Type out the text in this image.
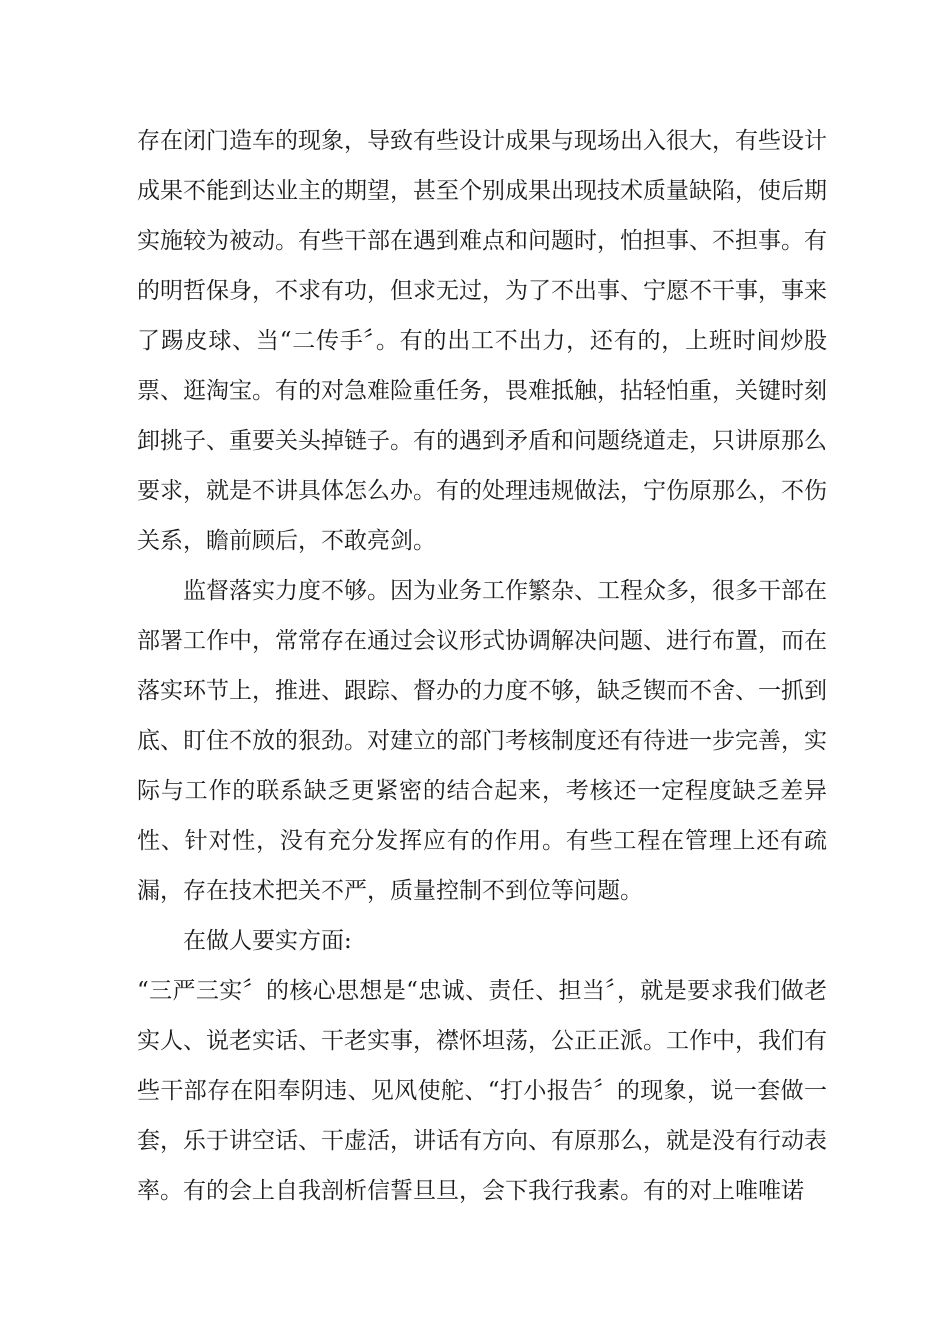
存在闭门造车的现象，导致有些设计成果与现场出入很大，有些设计成果不能到达业主的期望，甚至个别成果出现技术质量缺陷，使后期实施较为被动。有些干部在遇到难点和问题时，怕担事、不担事。有的明哲保身，不求有功，但求无过，为了不出事、宁愿不干事，事来了踢皮球、当“二传手〞。有的出工不出力，还有的，上班时间炒股票、逛淘宝。有的对急难险重任务，畏难抵触，拈轻怕重，关键时刻卸挑子、重要关头掉链子。有的遇到矛盾和问题绕道走，只讲原那么要求，就是不讲具体怎么办。有的处理违规做法，宁伤原那么，不伤关系，瞻前顾后，不敢亮剑。

监督落实力度不够。因为业务工作繁杂、工程众多，很多干部在部署工作中，常常存在通过会议形式协调解决问题、进行布置，而在落实环节上，推进、跟踪、督办的力度不够，缺乏锲而不舍、一抓到底、盯住不放的狠劲。对建立的部门考核制度还有待进一步完善，实际与工作的联系缺乏更紧密的结合起来，考核还一定程度缺乏差异性、针对性，没有充分发挥应有的作用。有些工程在管理上还有疏漏，存在技术把关不严，质量控制不到位等问题。

在做人要实方面:

“三严三实〞的核心思想是“忠诚、责任、担当〞，就是要求我们做老实人、说老实话、干老实事，襟怀坦荡，公正正派。工作中，我们有些干部存在阳奉阴违、见风使舵、“打小报告〞的现象，说一套做一套，乐于讲空话、干虚活，讲话有方向、有原那么，就是没有行动表率。有的会上自我剖析信誓旦旦，会下我行我素。有的对上唯唯诺
